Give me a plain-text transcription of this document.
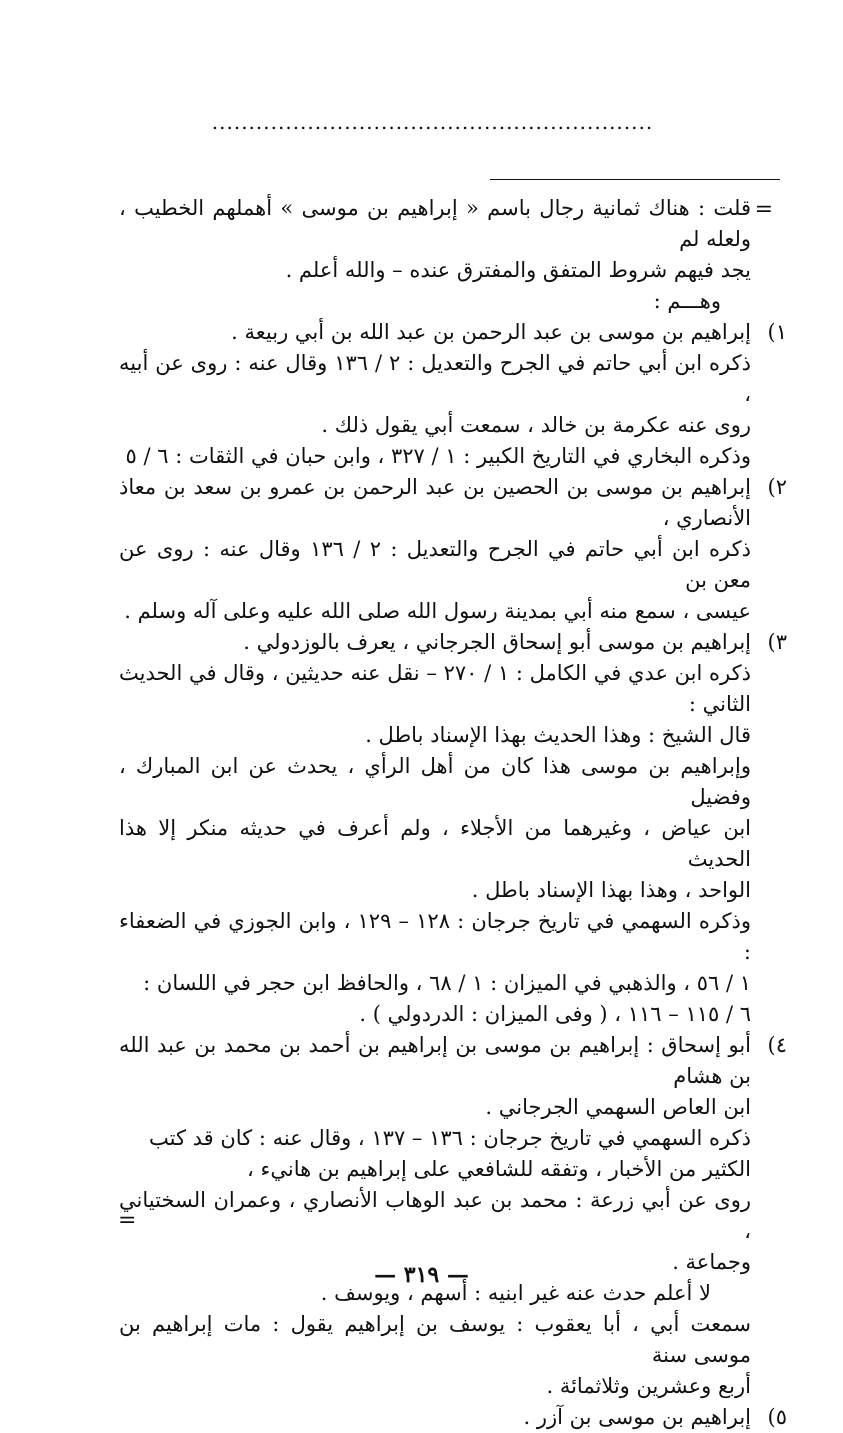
............................................................
=

قلت : هناك ثمانية رجال باسم « إبراهيم بن موسى » أهملهم الخطيب ، ولعله لم

يجد فيهم شروط المتفق والمفترق عنده – والله أعلم .

وهـــم :

١)

إبراهيم بن موسى بن عبد الرحمن بن عبد الله بن أبي ربيعة .

ذكره ابن أبي حاتم في الجرح والتعديل : ٢ / ١٣٦ وقال عنه : روى عن أبيه ،

روى عنه عكرمة بن خالد ، سمعت أبي يقول ذلك .

وذكره البخاري في التاريخ الكبير : ١ / ٣٢٧ ، وابن حبان في الثقات : ٦ / ٥

٢)

إبراهيم بن موسى بن الحصين بن عبد الرحمن بن عمرو بن سعد بن معاذ الأنصاري ،

ذكره ابن أبي حاتم في الجرح والتعديل : ٢ / ١٣٦ وقال عنه : روى عن معن بن

عيسى ، سمع منه أبي بمدينة رسول الله صلى الله عليه وعلى آله وسلم .

٣)

إبراهيم بن موسى أبو إسحاق الجرجاني ، يعرف بالوزدولي .

ذكره ابن عدي في الكامل : ١ / ٢٧٠ – نقل عنه حديثين ، وقال في الحديث الثاني :

قال الشيخ : وهذا الحديث بهذا الإسناد باطل .

وإبراهيم بن موسى هذا كان من أهل الرأي ، يحدث عن ابن المبارك ، وفضيل

ابن عياض ، وغيرهما من الأجلاء ، ولم أعرف في حديثه منكر إلا هذا الحديث

الواحد ، وهذا بهذا الإسناد باطل .

وذكره السهمي في تاريخ جرجان : ١٢٨ – ١٢٩ ، وابن الجوزي في الضعفاء :

١ / ٥٦ ، والذهبي في الميزان : ١ / ٦٨ ، والحافظ ابن حجر في اللسان :

٦ / ١١٥ – ١١٦ ، ( وفى الميزان : الدردولي ) .

٤)

أبو إسحاق : إبراهيم بن موسى بن إبراهيم بن أحمد بن محمد بن عبد الله بن هشام

ابن العاص السهمي الجرجاني .

ذكره السهمي في تاريخ جرجان : ١٣٦ – ١٣٧ ، وقال عنه : كان قد كتب

الكثير من الأخبار ، وتفقه للشافعي على إبراهيم بن هانيء ،

روى عن أبي زرعة : محمد بن عبد الوهاب الأنصاري ، وعمران السختياني ،

وجماعة .

لا أعلم حدث عنه غير ابنيه : أسهم ، ويوسف .

سمعت أبي ، أبا يعقوب : يوسف بن إبراهيم يقول : مات إبراهيم بن موسى سنة

أربع وعشرين وثلاثمائة .

٥)

إبراهيم بن موسى بن آزر .

=
— ٣١٩ —
